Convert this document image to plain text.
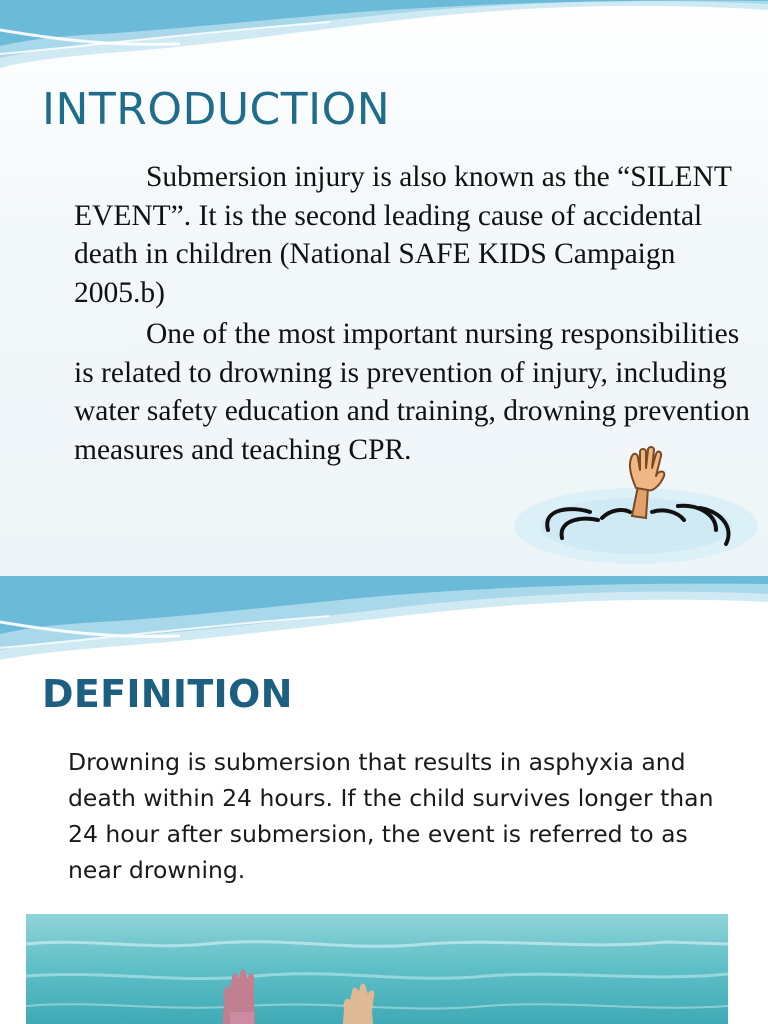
INTRODUCTION

Submersion injury is also known as the “SILENT EVENT”. It is the second leading cause of accidental death in children (National SAFE KIDS Campaign 2005.b)

One of the most important nursing responsibilities is related to drowning is prevention of injury, including water safety education and training, drowning prevention measures and teaching CPR.

DEFINITION

Drowning is submersion that results in asphyxia and death within 24 hours. If the child survives longer than 24 hour after submersion, the event is referred to as near drowning.
